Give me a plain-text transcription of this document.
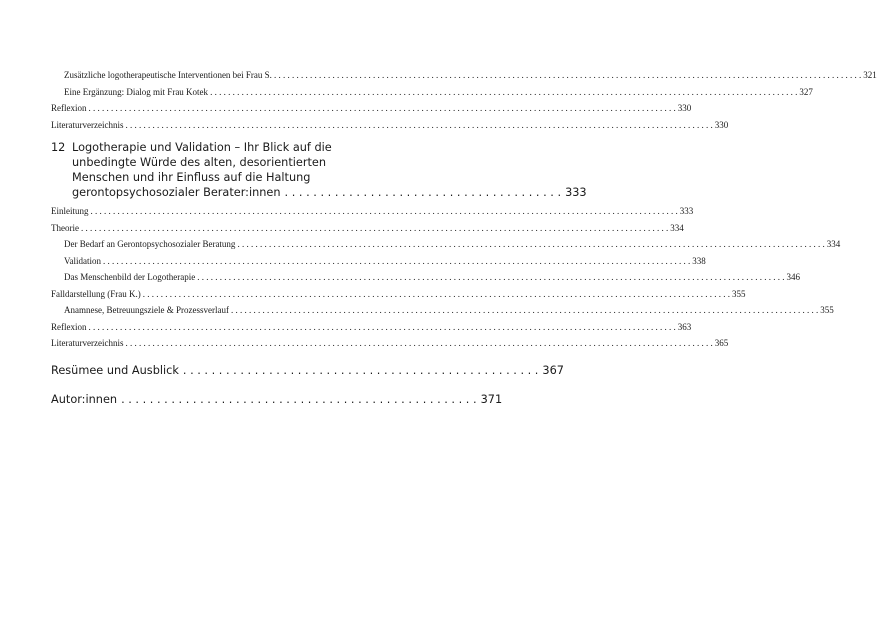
Zusätzliche logotherapeutische Interventionen bei Frau S. . . .	321
Eine Ergänzung: Dialog mit Frau Kotek . . .	327
Reflexion . . .	330
Literaturverzeichnis . . .	330
12 Logotherapie und Validation – Ihr Blick auf die
unbedingte Würde des alten, desorientierten
Menschen und ihr Einfluss auf die Haltung
gerontopsychosozialer Berater:innen . . .	333
Einleitung . . .	333
Theorie . . .	334
Der Bedarf an Gerontopsychosozialer Beratung . . .	334
Validation . . .	338
Das Menschenbild der Logotherapie . . .	346
Falldarstellung (Frau K.) . . .	355
Anamnese, Betreuungsziele & Prozessverlauf . . .	355
Reflexion . . .	363
Literaturverzeichnis . . .	365
Resümee und Ausblick . . .	367
Autor:innen . . .	371
